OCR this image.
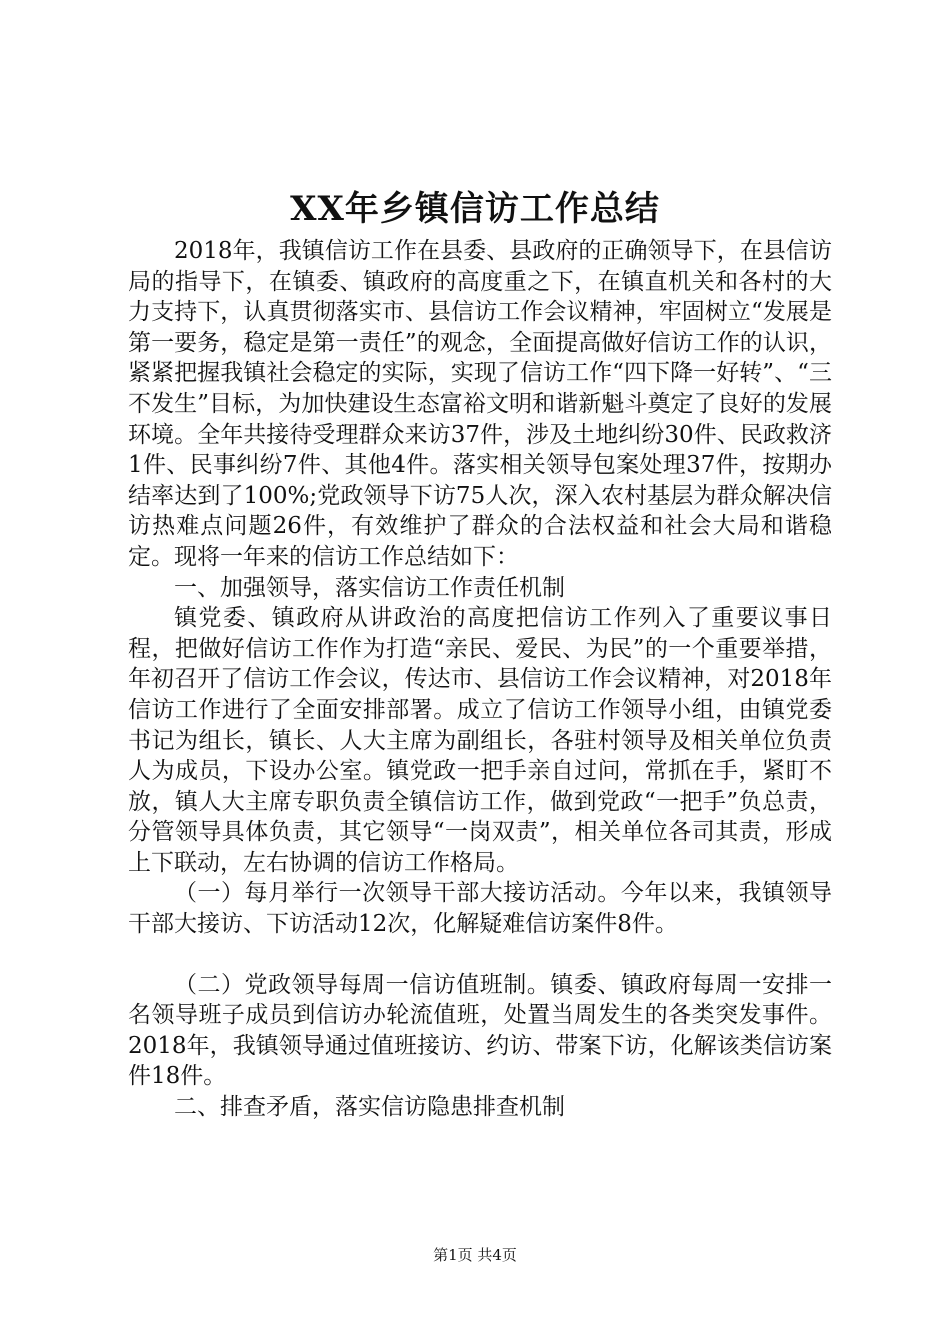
XX年乡镇信访工作总结

2018年，我镇信访工作在县委、县政府的正确领导下，在县信访局的指导下，在镇委、镇政府的高度重之下，在镇直机关和各村的大力支持下，认真贯彻落实市、县信访工作会议精神，牢固树立“发展是第一要务，稳定是第一责任”的观念，全面提高做好信访工作的认识，紧紧把握我镇社会稳定的实际，实现了信访工作“四下降一好转”、“三不发生”目标，为加快建设生态富裕文明和谐新魁斗奠定了良好的发展环境。全年共接待受理群众来访37件，涉及土地纠纷30件、民政救济1件、民事纠纷7件、其他4件。落实相关领导包案处理37件，按期办结率达到了100%;党政领导下访75人次，深入农村基层为群众解决信访热难点问题26件，有效维护了群众的合法权益和社会大局和谐稳定。现将一年来的信访工作总结如下：

一、加强领导，落实信访工作责任机制

镇党委、镇政府从讲政治的高度把信访工作列入了重要议事日程，把做好信访工作作为打造“亲民、爱民、为民”的一个重要举措，年初召开了信访工作会议，传达市、县信访工作会议精神，对2018年信访工作进行了全面安排部署。成立了信访工作领导小组，由镇党委书记为组长，镇长、人大主席为副组长，各驻村领导及相关单位负责人为成员，下设办公室。镇党政一把手亲自过问，常抓在手，紧盯不放，镇人大主席专职负责全镇信访工作，做到党政“一把手”负总责，分管领导具体负责，其它领导“一岗双责”，相关单位各司其责，形成上下联动，左右协调的信访工作格局。

（一）每月举行一次领导干部大接访活动。今年以来，我镇领导干部大接访、下访活动12次，化解疑难信访案件8件。

（二）党政领导每周一信访值班制。镇委、镇政府每周一安排一名领导班子成员到信访办轮流值班，处置当周发生的各类突发事件。2018年，我镇领导通过值班接访、约访、带案下访，化解该类信访案件18件。

二、排查矛盾，落实信访隐患排查机制

第1页 共4页
